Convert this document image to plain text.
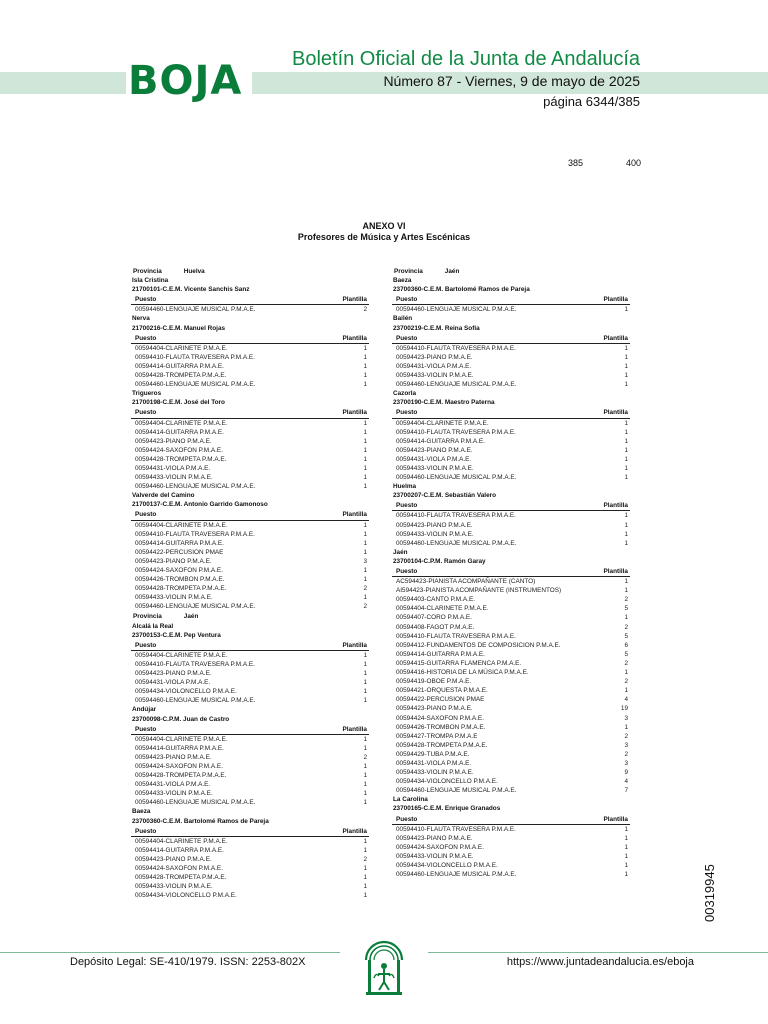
BOJA	Boletín Oficial de la Junta de Andalucía
Número 87 - Viernes, 9 de mayo de 2025
página 6344/385
385	400
ANEXO VI
Profesores de Música y Artes Escénicas
Provincia	Huelva
Isla Cristina
21700101-C.E.M. Vicente Sanchis Sanz
Puesto	Plantilla
00594460-LENGUAJE MUSICAL P.M.A.E.	2
Nerva
21700216-C.E.M. Manuel Rojas
Puesto	Plantilla
00594404-CLARINETE P.M.A.E.	1
00594410-FLAUTA TRAVESERA P.M.A.E.	1
00594414-GUITARRA P.M.A.E.	1
00594428-TROMPETA P.M.A.E.	1
00594460-LENGUAJE MUSICAL P.M.A.E.	1
Trigueros
21700198-C.E.M. José del Toro
Puesto	Plantilla
00594404-CLARINETE P.M.A.E.	1
00594414-GUITARRA P.M.A.E.	1
00594423-PIANO P.M.A.E.	1
00594424-SAXOFON P.M.A.E.	1
00594428-TROMPETA P.M.A.E.	1
00594431-VIOLA P.M.A.E.	1
00594433-VIOLIN P.M.A.E.	1
00594460-LENGUAJE MUSICAL P.M.A.E.	1
Valverde del Camino
21700137-C.E.M. Antonio Garrido Gamonoso
Puesto	Plantilla
00594404-CLARINETE P.M.A.E.	1
00594410-FLAUTA TRAVESERA P.M.A.E.	1
00594414-GUITARRA P.M.A.E.	1
00594422-PERCUSION PMAE	1
00594423-PIANO P.M.A.E.	3
00594424-SAXOFON P.M.A.E.	1
00594426-TROMBON P.M.A.E.	1
00594428-TROMPETA P.M.A.E.	2
00594433-VIOLIN P.M.A.E.	1
00594460-LENGUAJE MUSICAL P.M.A.E.	2
Provincia	Jaén
Alcalá la Real
23700153-C.E.M. Pep Ventura
Puesto	Plantilla
00594404-CLARINETE P.M.A.E.	1
00594410-FLAUTA TRAVESERA P.M.A.E.	1
00594423-PIANO P.M.A.E.	1
00594431-VIOLA P.M.A.E.	1
00594434-VIOLONCELLO P.M.A.E.	1
00594460-LENGUAJE MUSICAL P.M.A.E.	1
Andújar
23700098-C.P.M. Juan de Castro
Puesto	Plantilla
00594404-CLARINETE P.M.A.E.	1
00594414-GUITARRA P.M.A.E.	1
00594423-PIANO P.M.A.E.	2
00594424-SAXOFON P.M.A.E.	1
00594428-TROMPETA P.M.A.E.	1
00594431-VIOLA P.M.A.E.	1
00594433-VIOLIN P.M.A.E.	1
00594460-LENGUAJE MUSICAL P.M.A.E.	1
Baeza
23700360-C.E.M. Bartolomé Ramos de Pareja
Puesto	Plantilla
00594404-CLARINETE P.M.A.E.	1
00594414-GUITARRA P.M.A.E.	1
00594423-PIANO P.M.A.E.	2
00594424-SAXOFON P.M.A.E.	1
00594428-TROMPETA P.M.A.E.	1
00594433-VIOLIN P.M.A.E.	1
00594434-VIOLONCELLO P.M.A.E.	1
Provincia	Jaén
Baeza
23700360-C.E.M. Bartolomé Ramos de Pareja
Puesto	Plantilla
00594460-LENGUAJE MUSICAL P.M.A.E.	1
Bailén
23700219-C.E.M. Reina Sofía
Puesto	Plantilla
00594410-FLAUTA TRAVESERA P.M.A.E.	1
00594423-PIANO P.M.A.E.	1
00594431-VIOLA P.M.A.E.	1
00594433-VIOLIN P.M.A.E.	1
00594460-LENGUAJE MUSICAL P.M.A.E.	1
Cazorla
23700190-C.E.M. Maestro Paterna
Puesto	Plantilla
00594404-CLARINETE P.M.A.E.	1
00594410-FLAUTA TRAVESERA P.M.A.E.	1
00594414-GUITARRA P.M.A.E.	1
00594423-PIANO P.M.A.E.	1
00594431-VIOLA P.M.A.E.	1
00594433-VIOLIN P.M.A.E.	1
00594460-LENGUAJE MUSICAL P.M.A.E.	1
Huelma
23700207-C.E.M. Sebastián Valero
Puesto	Plantilla
00594410-FLAUTA TRAVESERA P.M.A.E.	1
00594423-PIANO P.M.A.E.	1
00594433-VIOLIN P.M.A.E.	1
00594460-LENGUAJE MUSICAL P.M.A.E.	1
Jaén
23700104-C.P.M. Ramón Garay
Puesto	Plantilla
AC594423-PIANISTA ACOMPAÑANTE (CANTO)	1
AI594423-PIANISTA ACOMPAÑANTE (INSTRUMENTOS)	1
00594403-CANTO P.M.A.E.	2
00594404-CLARINETE P.M.A.E.	5
00594407-CORO P.M.A.E.	1
00594408-FAGOT P.M.A.E.	2
00594410-FLAUTA TRAVESERA P.M.A.E.	5
00594412-FUNDAMENTOS DE COMPOSICION P.M.A.E.	6
00594414-GUITARRA P.M.A.E.	5
00594415-GUITARRA FLAMENCA P.M.A.E.	2
00594416-HISTORIA DE LA MÚSICA P.M.A.E.	1
00594419-OBOE P.M.A.E.	2
00594421-ORQUESTA P.M.A.E.	1
00594422-PERCUSION PMAE	4
00594423-PIANO P.M.A.E.	19
00594424-SAXOFON P.M.A.E.	3
00594426-TROMBON P.M.A.E.	1
00594427-TROMPA P.M.A.E	2
00594428-TROMPETA P.M.A.E.	3
00594429-TUBA P.M.A.E.	2
00594431-VIOLA P.M.A.E.	3
00594433-VIOLIN P.M.A.E.	9
00594434-VIOLONCELLO P.M.A.E.	4
00594460-LENGUAJE MUSICAL P.M.A.E.	7
La Carolina
23700165-C.E.M. Enrique Granados
Puesto	Plantilla
00594410-FLAUTA TRAVESERA P.M.A.E.	1
00594423-PIANO P.M.A.E.	1
00594424-SAXOFON P.M.A.E.	1
00594433-VIOLIN P.M.A.E.	1
00594434-VIOLONCELLO P.M.A.E.	1
00594460-LENGUAJE MUSICAL P.M.A.E.	1
Depósito Legal: SE-410/1979. ISSN: 2253-802X	https://www.juntadeandalucia.es/eboja
00319945
